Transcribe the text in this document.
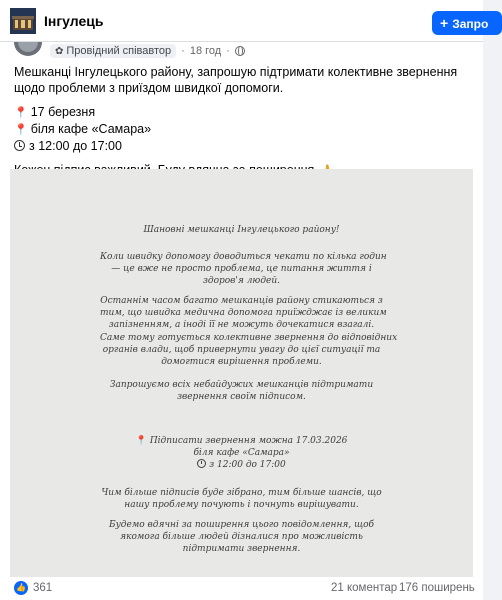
Інгулець	+ Запро
✿ Провідний співавтор · 18 год ·
Мешканці Інгулецького району, запрошую підтримати колективне звернення щодо проблеми з приїздом швидкої допомоги.
📍 17 березня
📍 біля кафе «Самара»
з 12:00 до 17:00
Шановні мешканці Інгулецького району!
Коли швидку допомогу доводиться чекати по кілька годин
— це вже не просто проблема, це питання життя і
здоров'я людей.
Останнім часом багато мешканців району стикаються з
тим, що швидка медична допомога приїжджає із великим
запізненням, а іноді її не можуть дочекатися взагалі.
Саме тому готується колективне звернення до відповідних
органів влади, щоб привернути увагу до цієї ситуації та
домогтися вирішення проблеми.
Запрошуємо всіх небайдужих мешканців підтримати
звернення своїм підписом.
📍 Підписати звернення можна 17.03.2026
біля кафе «Самара»
з 12:00 до 17:00
Чим більше підписів буде зібрано, тим більше шансів, що
нашу проблему почують і почнуть вирішувати.
Будемо вдячні за поширення цього повідомлення, щоб
якомога більше людей дізналися про можливість
підтримати звернення.
👍 361	21 коментар 176 поширень
